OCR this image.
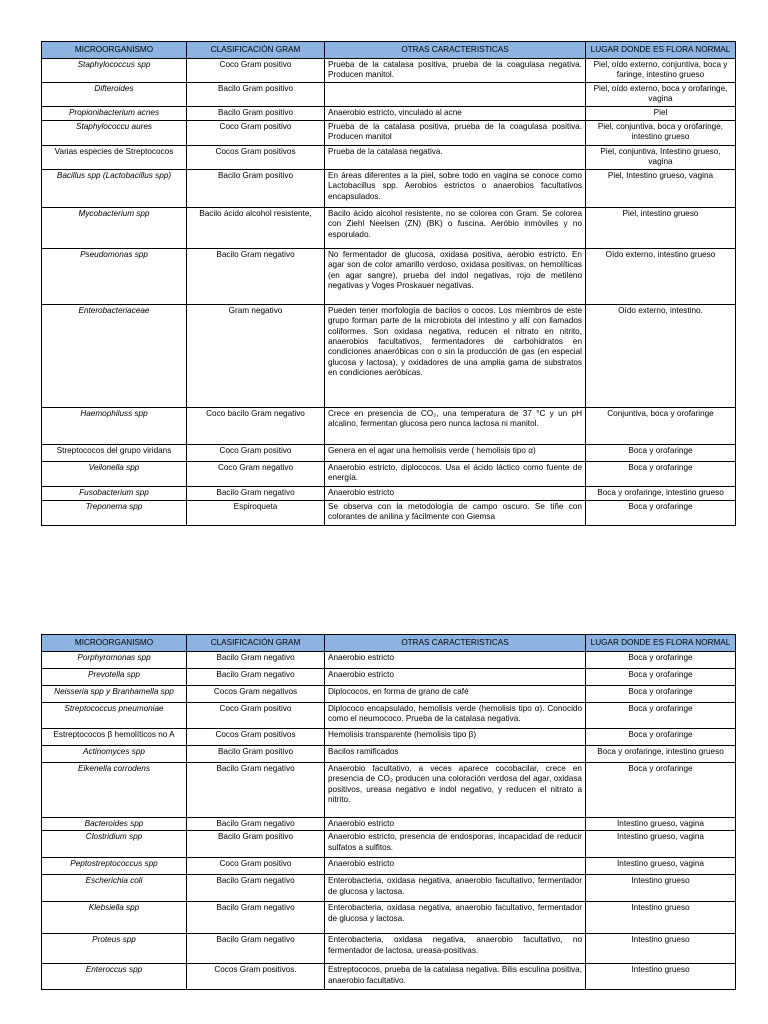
MICROORGANISMO	CLASIFICACIÓN GRAM	OTRAS CARACTERISTICAS	LUGAR DONDE ES FLORA NORMAL
Staphylococcus spp	Coco Gram positivo	Prueba de la catalasa positiva, prueba de la coagulasa negativa. Producen manitol.	Piel, oído externo, conjuntiva, boca y faringe, intestino grueso
Difteroides	Bacilo Gram positivo		Piel, oído externo, boca y orofaringe, vagina
Propionibacterium acnes	Bacilo Gram positivo	Anaerobio estricto, vinculado al acne	Piel
Staphylococcu aures	Coco Gram positivo	Prueba de la catalasa positiva, prueba de la coagulasa positiva. Producen manitol	Piel, conjuntiva, boca y orofaringe, intestino grueso
Varias especies de Streptococos	Cocos Gram positivos	Prueba de la catalasa negativa.	Piel, conjuntiva, Intestino grueso, vagina
Bacillus spp (Lactobacillus spp)	Bacilo Gram positivo	En áreas diferentes a la piel, sobre todo en vagina se conoce como Lactobacillus spp. Aerobios estrictos o anaerobios facultativos encapsulados.	Piel, Intestino grueso, vagina
Mycobacterium spp	Bacilo ácido alcohol resistente,	Bacilo ácido alcohol resistente, no se colorea con Gram. Se colorea con Ziehl Neelsen (ZN) (BK) o fuscina. Aeróbio inmóviles y no esporulado.	Piel, intestino grueso
Pseudomonas spp	Bacilo Gram negativo	No fermentador de glucosa, oxidasa positiva, aerobio estricto. En agar son de color amarillo verdoso, oxidasa positivas, on hemolíticas (en agar sangre), prueba del indol negativas, rojo de metileno negativas y Voges Proskauer negativas.	Oído externo, intestino grueso
Enterobacteriaceae	Gram negativo	Pueden tener morfología de bacilos o cocos. Los miembros de este grupo forman parte de la microbiota del intestino y allí con llamados coliformes. Son oxidasa negativa, reducen el nitrato en nitrito, anaerobios facultativos, fermentadores de carbohidratos en condiciones anaeróbicas con o sin la producción de gas (en especial glucosa y lactosa), y oxidadores de una amplia gama de substratos en condiciones aeróbicas.	Oído externo, intestino.
Haemophiluss spp	Coco bacilo Gram negativo	Crece en presencia de CO₂, una temperatura de 37 °C y un pH alcalino, fermentan glucosa pero nunca lactosa ni manitol.	Conjuntiva, boca y orofaringe
Streptococos del grupo viridans	Coco Gram positivo	Genera en el agar una hemolisis verde ( hemolisis tipo α)	Boca y orofaringe
Veilonella spp	Coco Gram negativo	Anaerobio estricto, diplococos. Usa el ácido láctico como fuente de energía.	Boca y orofaringe
Fusobacterium spp	Bacilo Gram negativo	Anaerobio estricto	Boca y orofaringe, intestino grueso
Treponema spp	Espiroqueta	Se observa con la metodología de campo oscuro. Se tiñe con colorantes de anilina y fácilmente con Giemsa	Boca y orofaringe
MICROORGANISMO	CLASIFICACIÓN GRAM	OTRAS CARACTERISTICAS	LUGAR DONDE ES FLORA NORMAL
Porphyromonas spp	Bacilo Gram negativo	Anaerobio estricto	Boca y orofaringe
Prevotella spp	Bacilo Gram negativo	Anaerobio estricto	Boca y orofaringe
Neisseria spp y Branhamella spp	Cocos Gram negativos	Diplococos, en forma de grano de café	Boca y orofaringe
Streptococcus pneumoniae	Coco Gram positivo	Diplococo encapsulado, hemolisis verde (hemolisis tipo α). Conocido como el neumococo. Prueba de la catalasa negativa.	Boca y orofaringe
Estreptococos β hemolíticos no A	Cocos Gram positivos	Hemolisis transparente (hemolisis tipo β)	Boca y orofaringe
Actinomyces spp	Bacilo Gram positivo	Bacilos ramificados	Boca y orofaringe, intestino grueso
Eikenella corrodens	Bacilo Gram negativo	Anaerobio facultativo, a veces aparece cocobacilar, crece en presencia de CO₂ producen una coloración verdosa del agar, oxidasa positivos, ureasa negativo e indol negativo, y reducen el nitrato a nitrito.	Boca y orofaringe
Bacteroides spp	Bacilo Gram negativo	Anaerobio estricto	Intestino grueso, vagina
Clostridium spp	Bacilo Gram positivo	Anaerobio estricto, presencia de endosporas, incapacidad de reducir sulfatos a sulfitos.	Intestino grueso, vagina
Peptostreptococcus spp	Coco Gram positivo	Anaerobio estricto	Intestino grueso, vagina
Escherichia coli	Bacilo Gram negativo	Enterobacteria, oxidasa negativa, anaerobio facultativo, fermentador de glucosa y lactosa.	Intestino grueso
Klebsiella spp	Bacilo Gram negativo	Enterobacteria, oxidasa negativa, anaerobio facultativo, fermentador de glucosa y lactosa.	Intestino grueso
Proteus spp	Bacilo Gram negativo	Enterobacteria, oxidasa negativa, anaerobio facultativo, no fermentador de lactosa, ureasa-positivas.	Intestino grueso
Enteroccus spp	Cocos Gram positivos.	Estreptococos, prueba de la catalasa negativa. Bilis esculina positiva, anaerobio facultativo.	Intestino grueso
